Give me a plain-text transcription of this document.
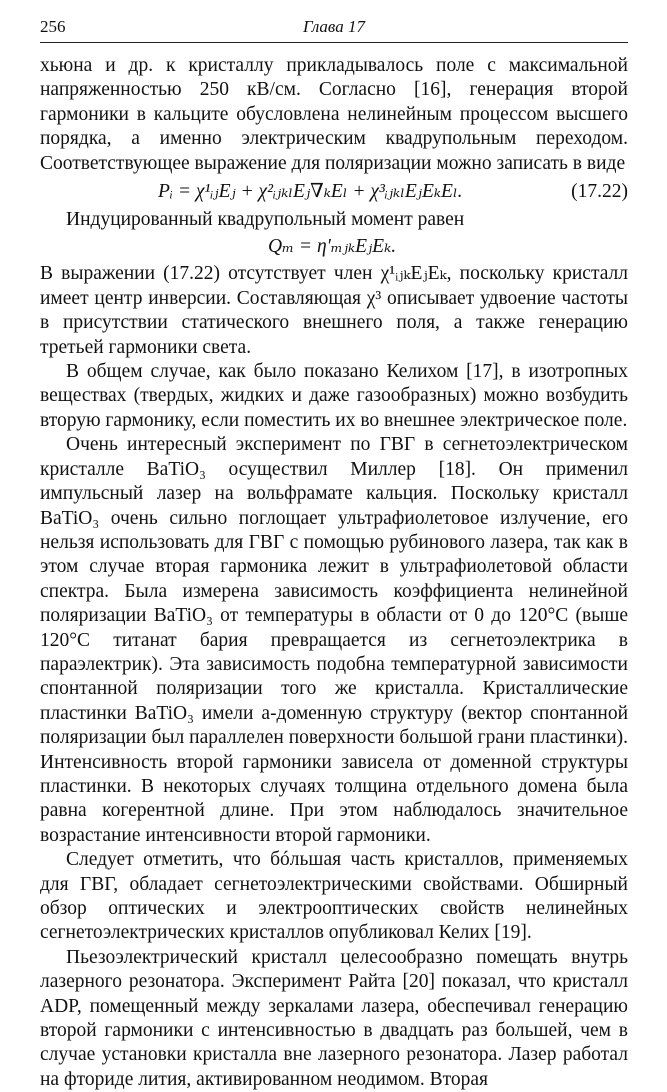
256	Глава 17

хьюна и др. к кристаллу прикладывалось поле с максимальной напряженностью 250 кВ/см. Согласно [16], генерация второй гармоники в кальците обусловлена нелинейным процессом высшего порядка, а именно электрическим квадрупольным переходом. Соответствующее выражение для поляризации можно записать в виде

Pᵢ = χ¹ᵢⱼEⱼ + χ²ᵢⱼₖₗEⱼ∇ₖEₗ + χ³ᵢⱼₖₗEⱼEₖEₗ.	(17.22)

Индуцированный квадрупольный момент равен

Qₘ = η′ₘⱼₖEⱼEₖ.

В выражении (17.22) отсутствует член χ¹ᵢⱼₖEⱼEₖ, поскольку кристалл имеет центр инверсии. Составляющая χ³ описывает удвоение частоты в присутствии статического внешнего поля, а также генерацию третьей гармоники света.

В общем случае, как было показано Келихом [17], в изотропных веществах (твердых, жидких и даже газообразных) можно возбудить вторую гармонику, если поместить их во внешнее электрическое поле.

Очень интересный эксперимент по ГВГ в сегнетоэлектрическом кристалле BaTiO₃ осуществил Миллер [18]. Он применил импульсный лазер на вольфрамате кальция. Поскольку кристалл BaTiO₃ очень сильно поглощает ультрафиолетовое излучение, его нельзя использовать для ГВГ с помощью рубинового лазера, так как в этом случае вторая гармоника лежит в ультрафиолетовой области спектра. Была измерена зависимость коэффициента нелинейной поляризации BaTiO₃ от температуры в области от 0 до 120°С (выше 120°С титанат бария превращается из сегнетоэлектрика в параэлектрик). Эта зависимость подобна температурной зависимости спонтанной поляризации того же кристалла. Кристаллические пластинки BaTiO₃ имели a-доменную структуру (вектор спонтанной поляризации был параллелен поверхности большой грани пластинки). Интенсивность второй гармоники зависела от доменной структуры пластинки. В некоторых случаях толщина отдельного домена была равна когерентной длине. При этом наблюдалось значительное возрастание интенсивности второй гармоники.

Следует отметить, что бóльшая часть кристаллов, применяемых для ГВГ, обладает сегнетоэлектрическими свойствами. Обширный обзор оптических и электрооптических свойств нелинейных сегнетоэлектрических кристаллов опубликовал Келих [19].

Пьезоэлектрический кристалл целесообразно помещать внутрь лазерного резонатора. Эксперимент Райта [20] показал, что кристалл ADP, помещенный между зеркалами лазера, обеспечивал генерацию второй гармоники с интенсивностью в двадцать раз большей, чем в случае установки кристалла вне лазерного резонатора. Лазер работал на фториде лития, активированном неодимом. Вторая
